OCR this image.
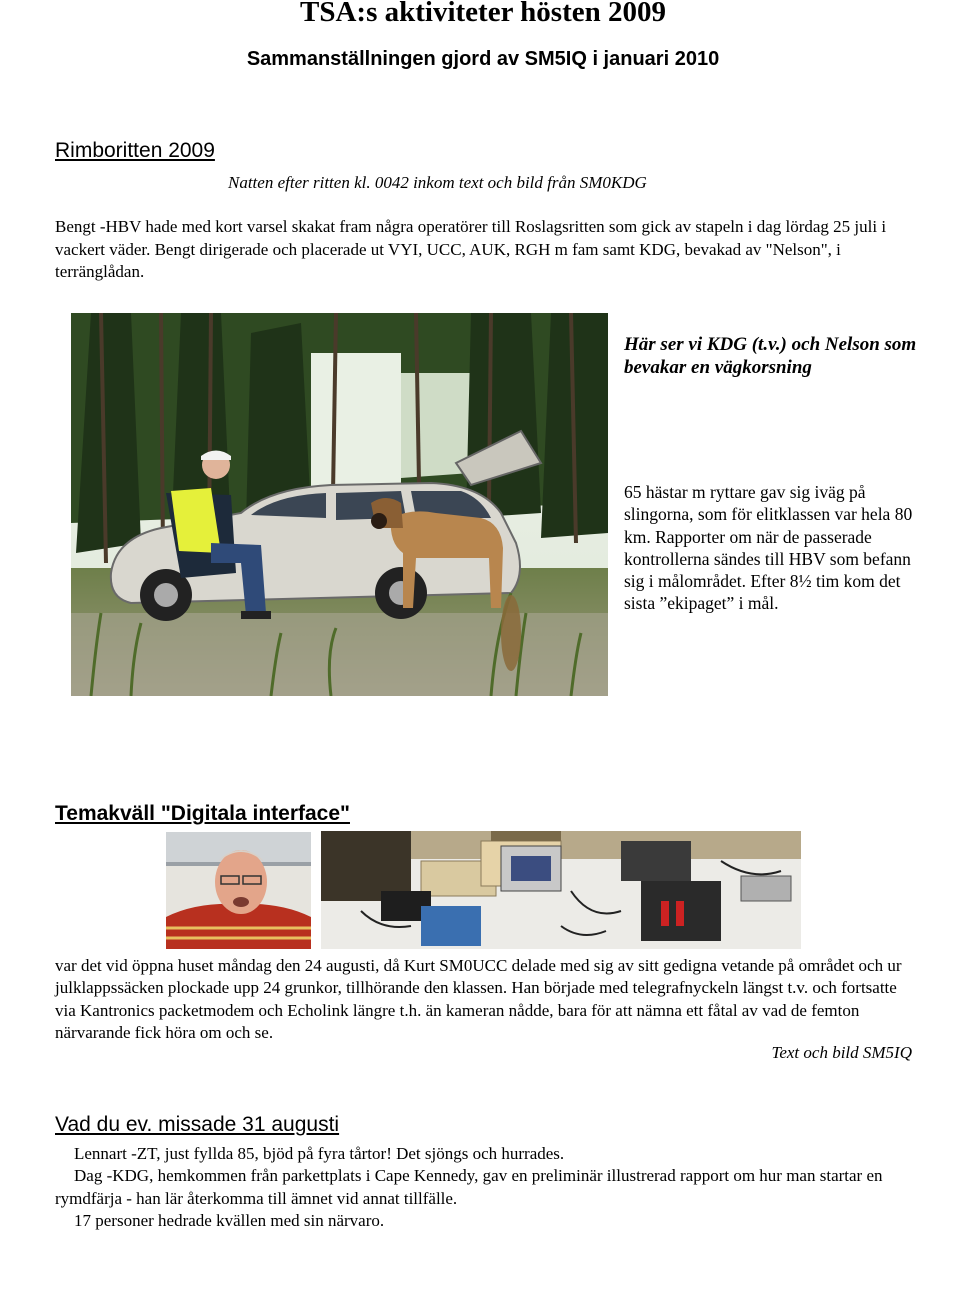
TSA:s aktiviteter hösten 2009
Sammanställningen gjord av SM5IQ i januari 2010
Rimboritten 2009
Natten efter ritten kl. 0042 inkom text och bild från SM0KDG
Bengt -HBV hade med kort varsel skakat fram några operatörer till Roslagsritten som gick av stapeln i dag lördag 25 juli i vackert väder. Bengt dirigerade och placerade ut VYI, UCC, AUK, RGH m fam samt KDG, bevakad av "Nelson", i terränglådan.
Här ser vi KDG (t.v.) och Nelson som bevakar en vägkorsning
65 hästar m ryttare gav sig iväg på slingorna, som för elitklassen var hela 80 km. Rapporter om när de passerade kontrollerna sändes till HBV som befann sig i målområdet. Efter 8½ tim kom det sista ”ekipaget” i mål.
Temakväll "Digitala interface"
var det vid öppna huset måndag den 24 augusti, då Kurt SM0UCC delade med sig av sitt gedigna vetande på området och ur julklappssäcken plockade upp 24 grunkor, tillhörande den klassen. Han började med telegrafnyckeln längst t.v. och fortsatte via Kantronics packetmodem och Echolink längre t.h. än kameran nådde, bara för att nämna ett fåtal av vad de femton närvarande fick höra om och se.
Text och bild SM5IQ
Vad du ev. missade 31 augusti

Lennart -ZT, just fyllda 85, bjöd på fyra tårtor! Det sjöngs och hurrades.

Dag -KDG, hemkommen från parkettplats i Cape Kennedy, gav en preliminär illustrerad rapport om hur man startar en rymdfärja - han lär återkomma till ämnet vid annat tillfälle.

17 personer hedrade kvällen med sin närvaro.
